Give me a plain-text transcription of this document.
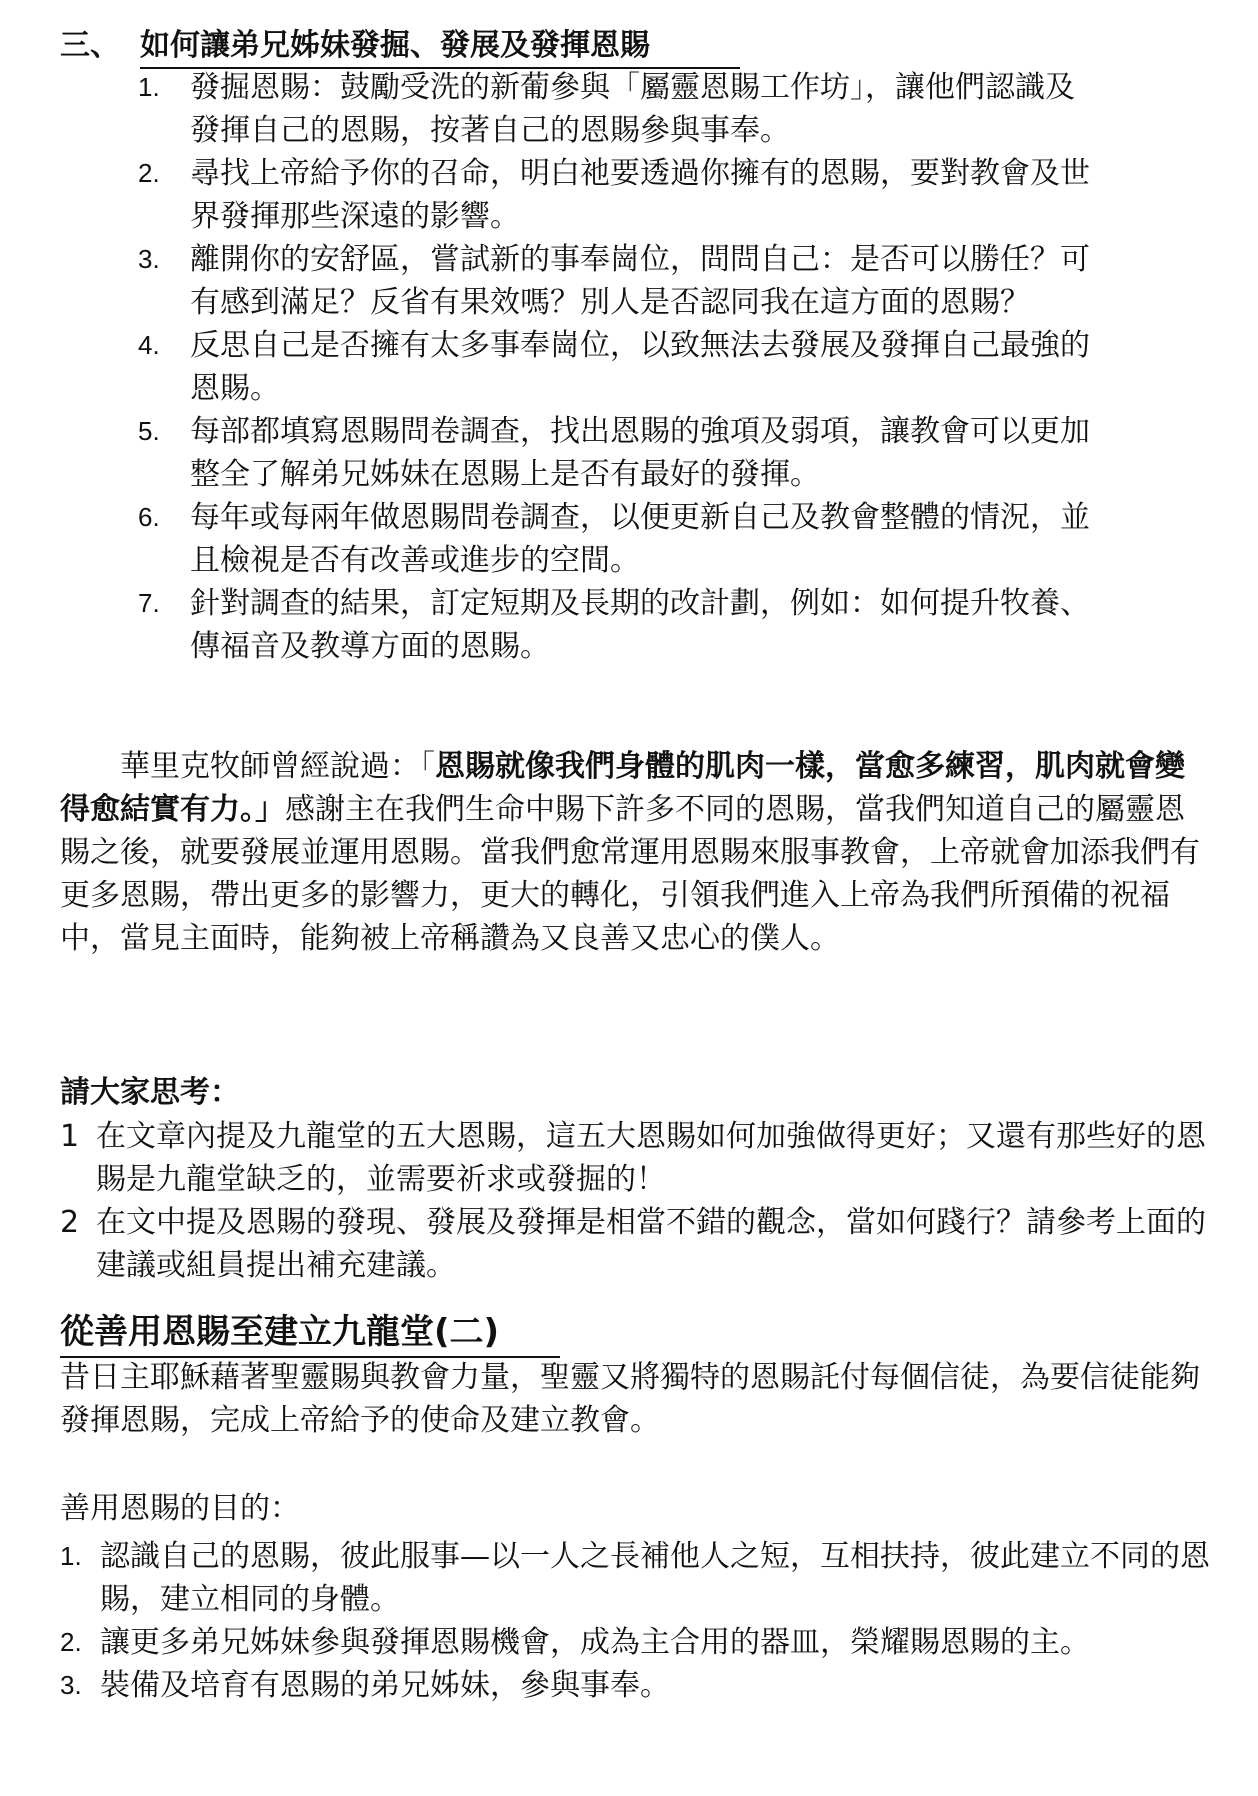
三、 如何讓弟兄姊妹發掘、發展及發揮恩賜
1. 發掘恩賜：鼓勵受洗的新葡參與「屬靈恩賜工作坊」，讓他們認識及發揮自己的恩賜，按著自己的恩賜參與事奉。
2. 尋找上帝給予你的召命，明白祂要透過你擁有的恩賜，要對教會及世界發揮那些深遠的影響。
3. 離開你的安舒區，嘗試新的事奉崗位，問問自己：是否可以勝任？可有感到滿足？反省有果效嗎？別人是否認同我在這方面的恩賜？
4. 反思自己是否擁有太多事奉崗位，以致無法去發展及發揮自己最強的恩賜。
5. 每部都填寫恩賜問卷調查，找出恩賜的強項及弱項，讓教會可以更加整全了解弟兄姊妹在恩賜上是否有最好的發揮。
6. 每年或每兩年做恩賜問卷調查，以便更新自己及教會整體的情況，並且檢視是否有改善或進步的空間。
7. 針對調查的結果，訂定短期及長期的改計劃，例如：如何提升牧養、傳福音及教導方面的恩賜。

華里克牧師曾經說過：「恩賜就像我們身體的肌肉一樣，當愈多練習，肌肉就會變得愈結實有力。」感謝主在我們生命中賜下許多不同的恩賜，當我們知道自己的屬靈恩賜之後，就要發展並運用恩賜。當我們愈常運用恩賜來服事教會，上帝就會加添我們有更多恩賜，帶出更多的影響力，更大的轉化，引領我們進入上帝為我們所預備的祝福中，當見主面時，能夠被上帝稱讚為又良善又忠心的僕人。

請大家思考：
1 在文章內提及九龍堂的五大恩賜，這五大恩賜如何加強做得更好；又還有那些好的恩賜是九龍堂缺乏的，並需要祈求或發掘的！
2 在文中提及恩賜的發現、發展及發揮是相當不錯的觀念，當如何踐行？請參考上面的建議或組員提出補充建議。
從善用恩賜至建立九龍堂(二)

昔日主耶穌藉著聖靈賜與教會力量，聖靈又將獨特的恩賜託付每個信徒，為要信徒能夠發揮恩賜，完成上帝給予的使命及建立教會。

善用恩賜的目的：
1. 認識自己的恩賜，彼此服事—以一人之長補他人之短，互相扶持，彼此建立不同的恩賜，建立相同的身體。
2. 讓更多弟兄姊妹參與發揮恩賜機會，成為主合用的器皿，榮耀賜恩賜的主。
3. 裝備及培育有恩賜的弟兄姊妹，參與事奉。
